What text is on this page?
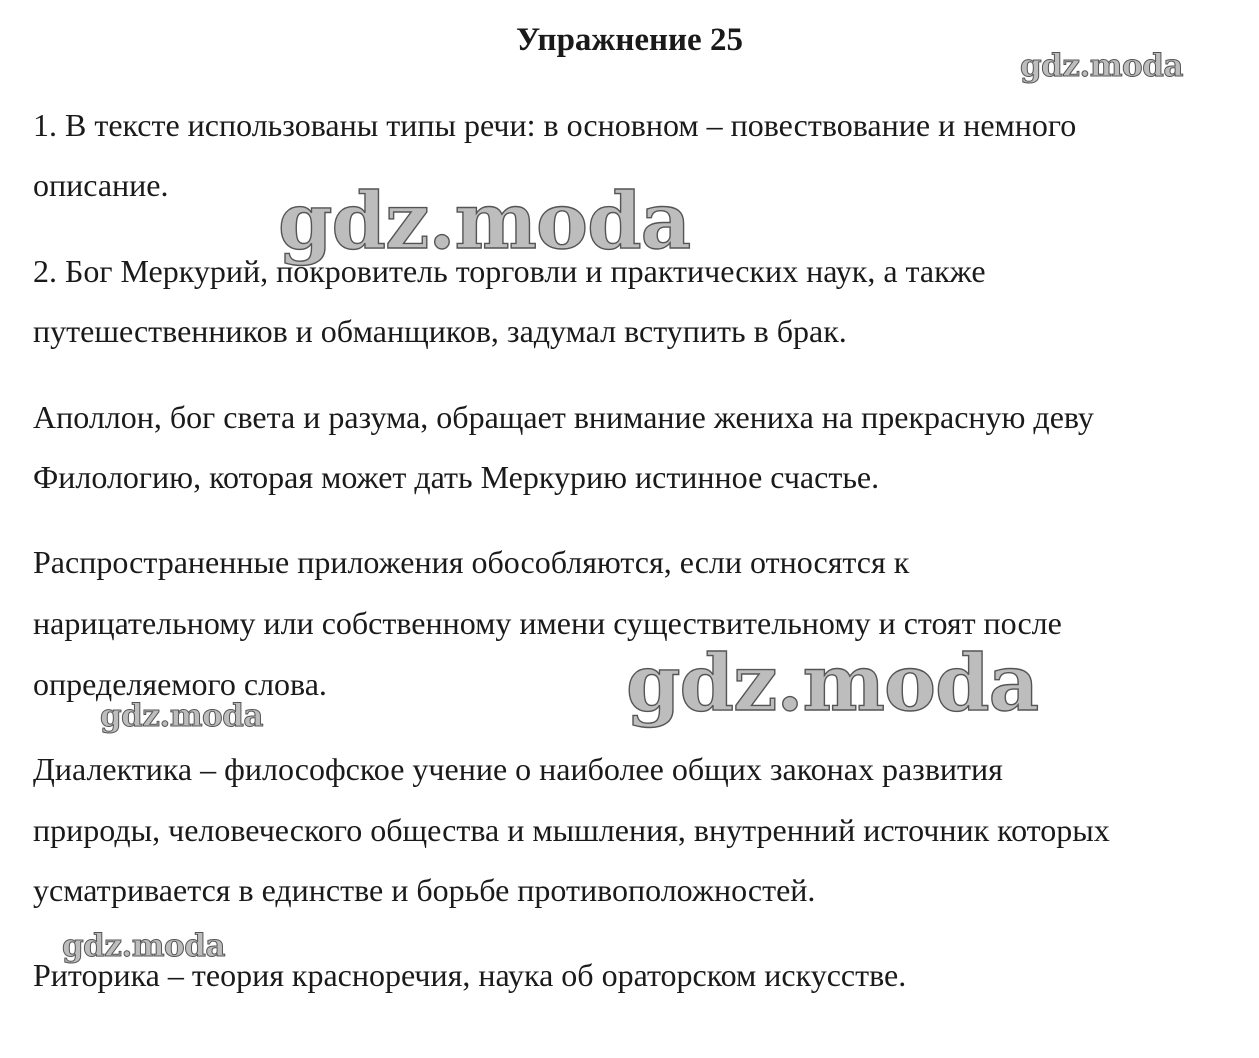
Упражнение 25
1. В тексте использованы типы речи: в основном – повествование и немного
описание.
2. Бог Меркурий, покровитель торговли и практических наук, а также
путешественников и обманщиков, задумал вступить в брак.
Аполлон, бог света и разума, обращает внимание жениха на прекрасную деву
Филологию, которая может дать Меркурию истинное счастье.
Распространенные приложения обособляются, если относятся к
нарицательному или собственному имени существительному и стоят после
определяемого слова.
Диалектика – философское учение о наиболее общих законах развития
природы, человеческого общества и мышления, внутренний источник которых
усматривается в единстве и борьбе противоположностей.
Риторика – теория красноречия, наука об ораторском искусстве.
gdz.moda
gdz.moda
gdz.moda
gdz.moda
gdz.moda
